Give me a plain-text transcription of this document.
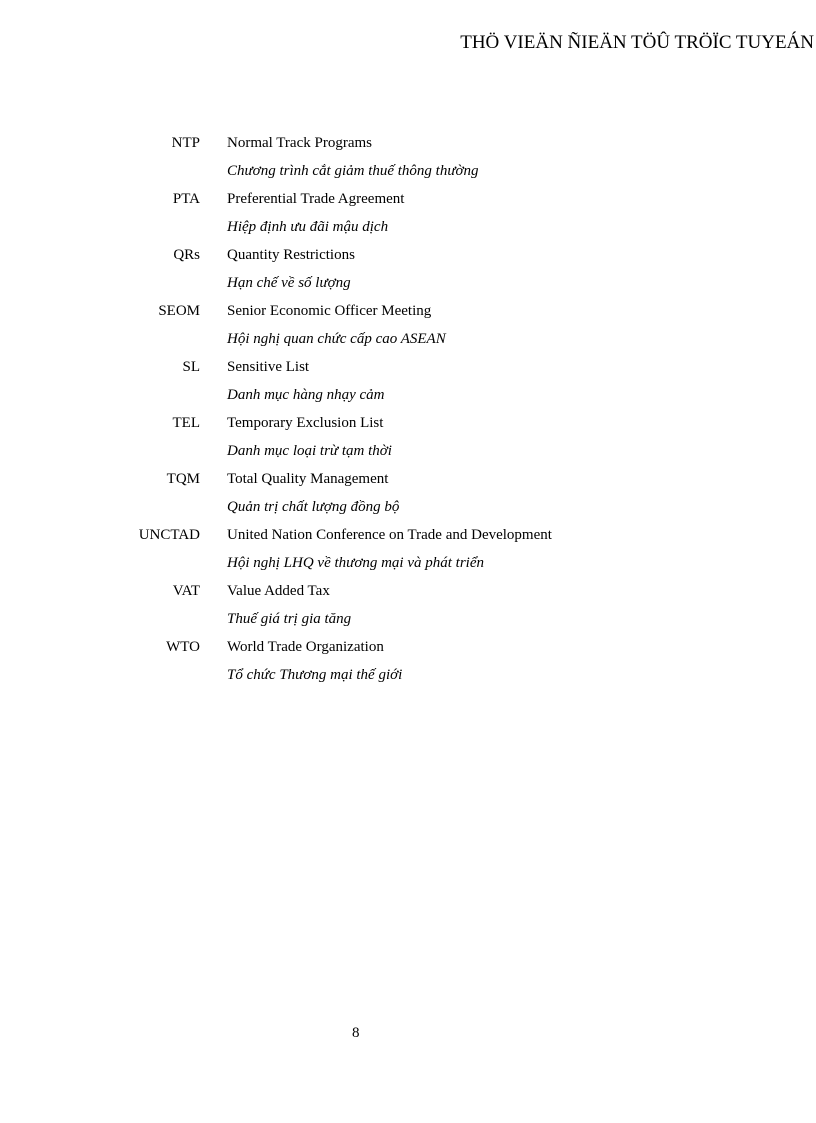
THÖ VIEÄN ÑIEÄN TÖÛ TRÖÏC TUYEÁN
NTP Normal Track Programs
Chương trình cắt giảm thuế thông thường
PTA Preferential Trade Agreement
Hiệp định ưu đãi mậu dịch
QRs Quantity Restrictions
Hạn chế về số lượng
SEOM Senior Economic Officer Meeting
Hội nghị quan chức cấp cao ASEAN
SL Sensitive List
Danh mục hàng nhạy cảm
TEL Temporary Exclusion List
Danh mục loại trừ tạm thời
TQM Total Quality Management
Quản trị chất lượng đồng bộ
UNCTAD United Nation Conference on Trade and Development
Hội nghị LHQ về thương mại và phát triển
VAT Value Added Tax
Thuế giá trị gia tăng
WTO World Trade Organization
Tổ chức Thương mại thế giới
8
